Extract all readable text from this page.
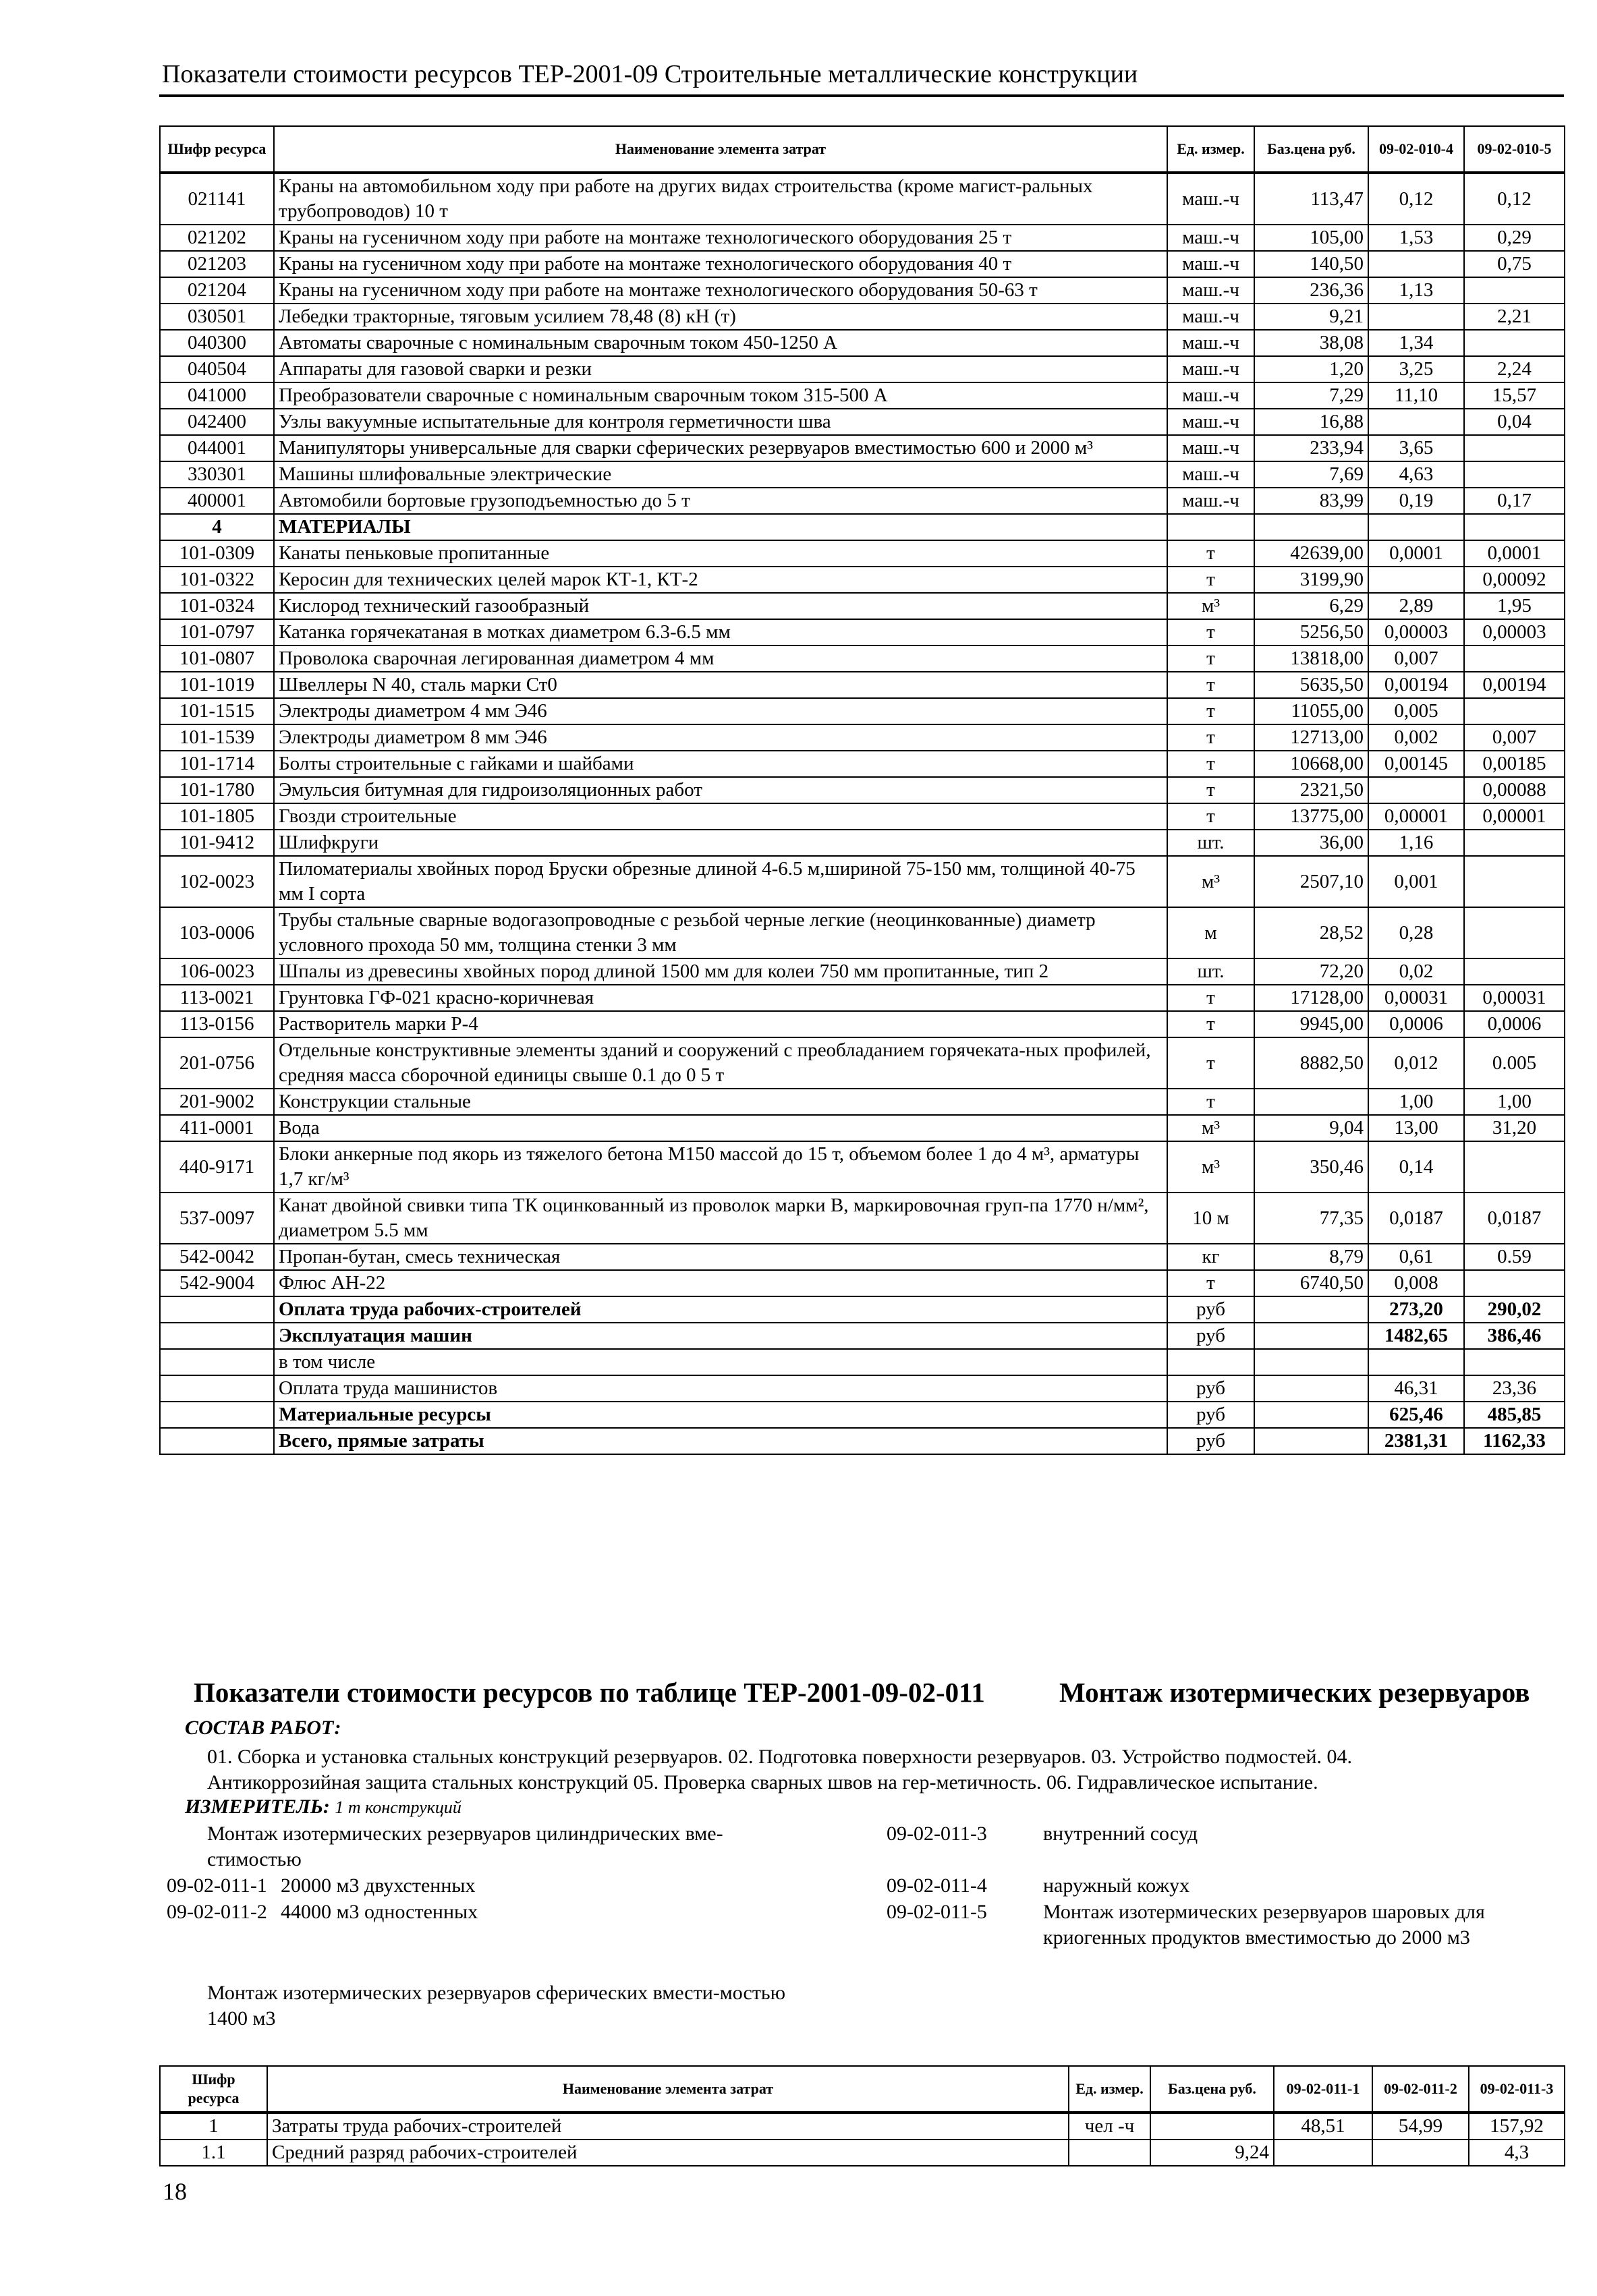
Показатели стоимости ресурсов ТЕР-2001-09 Строительные металлические конструкции
Шифр ресурса	Наименование элемента затрат	Ед. измер.	Баз.цена руб.	09-02-010-4	09-02-010-5
021141	Краны на автомобильном ходу при работе на других видах строительства (кроме магист-ральных трубопроводов) 10 т	маш.-ч	113,47	0,12	0,12
021202	Краны на гусеничном ходу при работе на монтаже технологического оборудования 25 т	маш.-ч	105,00	1,53	0,29
021203	Краны на гусеничном ходу при работе на монтаже технологического оборудования 40 т	маш.-ч	140,50		0,75
021204	Краны на гусеничном ходу при работе на монтаже технологического оборудования 50-63 т	маш.-ч	236,36	1,13	
030501	Лебедки тракторные, тяговым усилием 78,48 (8) кН (т)	маш.-ч	9,21		2,21
040300	Автоматы сварочные с номинальным сварочным током 450-1250 А	маш.-ч	38,08	1,34	
040504	Аппараты для газовой сварки и резки	маш.-ч	1,20	3,25	2,24
041000	Преобразователи сварочные с номинальным сварочным током 315-500 А	маш.-ч	7,29	11,10	15,57
042400	Узлы вакуумные испытательные для контроля герметичности шва	маш.-ч	16,88		0,04
044001	Манипуляторы универсальные для сварки сферических резервуаров вместимостью 600 и 2000 м³	маш.-ч	233,94	3,65	
330301	Машины шлифовальные электрические	маш.-ч	7,69	4,63	
400001	Автомобили бортовые грузоподъемностью до 5 т	маш.-ч	83,99	0,19	0,17
4	МАТЕРИАЛЫ				
101-0309	Канаты пеньковые пропитанные	т	42639,00	0,0001	0,0001
101-0322	Керосин для технических целей марок КТ-1, КТ-2	т	3199,90		0,00092
101-0324	Кислород технический газообразный	м³	6,29	2,89	1,95
101-0797	Катанка горячекатаная в мотках диаметром 6.3-6.5 мм	т	5256,50	0,00003	0,00003
101-0807	Проволока сварочная легированная диаметром 4 мм	т	13818,00	0,007	
101-1019	Швеллеры N 40, сталь марки Ст0	т	5635,50	0,00194	0,00194
101-1515	Электроды диаметром 4 мм Э46	т	11055,00	0,005	
101-1539	Электроды диаметром 8 мм Э46	т	12713,00	0,002	0,007
101-1714	Болты строительные с гайками и шайбами	т	10668,00	0,00145	0,00185
101-1780	Эмульсия битумная для гидроизоляционных работ	т	2321,50		0,00088
101-1805	Гвозди строительные	т	13775,00	0,00001	0,00001
101-9412	Шлифкруги	шт.	36,00	1,16	
102-0023	Пиломатериалы хвойных пород Бруски обрезные длиной 4-6.5 м,шириной 75-150 мм, толщиной 40-75 мм I сорта	м³	2507,10	0,001	
103-0006	Трубы стальные сварные водогазопроводные с резьбой черные легкие (неоцинкованные) диаметр условного прохода 50 мм, толщина стенки 3 мм	м	28,52	0,28	
106-0023	Шпалы из древесины хвойных пород длиной 1500 мм для колеи 750 мм пропитанные, тип 2	шт.	72,20	0,02	
113-0021	Грунтовка ГФ-021 красно-коричневая	т	17128,00	0,00031	0,00031
113-0156	Растворитель марки Р-4	т	9945,00	0,0006	0,0006
201-0756	Отдельные конструктивные элементы зданий и сооружений с преобладанием горячеката-ных профилей, средняя масса сборочной единицы свыше 0.1 до 0 5 т	т	8882,50	0,012	0.005
201-9002	Конструкции стальные	т		1,00	1,00
411-0001	Вода	м³	9,04	13,00	31,20
440-9171	Блоки анкерные под якорь из тяжелого бетона М150 массой до 15 т, объемом более 1 до 4 м³, арматуры 1,7 кг/м³	м³	350,46	0,14	
537-0097	Канат двойной свивки типа ТК оцинкованный из проволок марки В, маркировочная груп-па 1770 н/мм², диаметром 5.5 мм	10 м	77,35	0,0187	0,0187
542-0042	Пропан-бутан, смесь техническая	кг	8,79	0,61	0.59
542-9004	Флюс АН-22	т	6740,50	0,008	
	Оплата труда рабочих-строителей	руб		273,20	290,02
	Эксплуатация машин	руб		1482,65	386,46
	в том числе				
	Оплата труда машинистов	руб		46,31	23,36
	Материальные ресурсы	руб		625,46	485,85
	Всего, прямые затраты	руб		2381,31	1162,33
Показатели стоимости ресурсов по таблице ТЕР-2001-09-02-011	Монтаж изотермических резервуаров
СОСТАВ РАБОТ:
01. Сборка и установка стальных конструкций резервуаров. 02. Подготовка поверхности резервуаров. 03. Устройство подмостей. 04. Антикоррозийная защита стальных конструкций 05. Проверка сварных швов на гер-метичность. 06. Гидравлическое испытание.
ИЗМЕРИТЕЛЬ: 1 т конструкций
Монтаж изотермических резервуаров цилиндрических вме-стимостью
09-02-011-1 20000 м3 двухстенных
09-02-011-2 44000 м3 одностенных
09-02-011-3	внутренний сосуд
09-02-011-4	наружный кожух
09-02-011-5	Монтаж изотермических резервуаров шаровых для криогенных продуктов вместимостью до 2000 м3
Монтаж изотермических резервуаров сферических вмести-мостью 1400 м3
Шифр ресурса	Наименование элемента затрат	Ед. измер.	Баз.цена руб.	09-02-011-1	09-02-011-2	09-02-011-3
1	Затраты труда рабочих-строителей	чел -ч		48,51	54,99	157,92
1.1	Средний разряд рабочих-строителей		9,24			4,3
18
